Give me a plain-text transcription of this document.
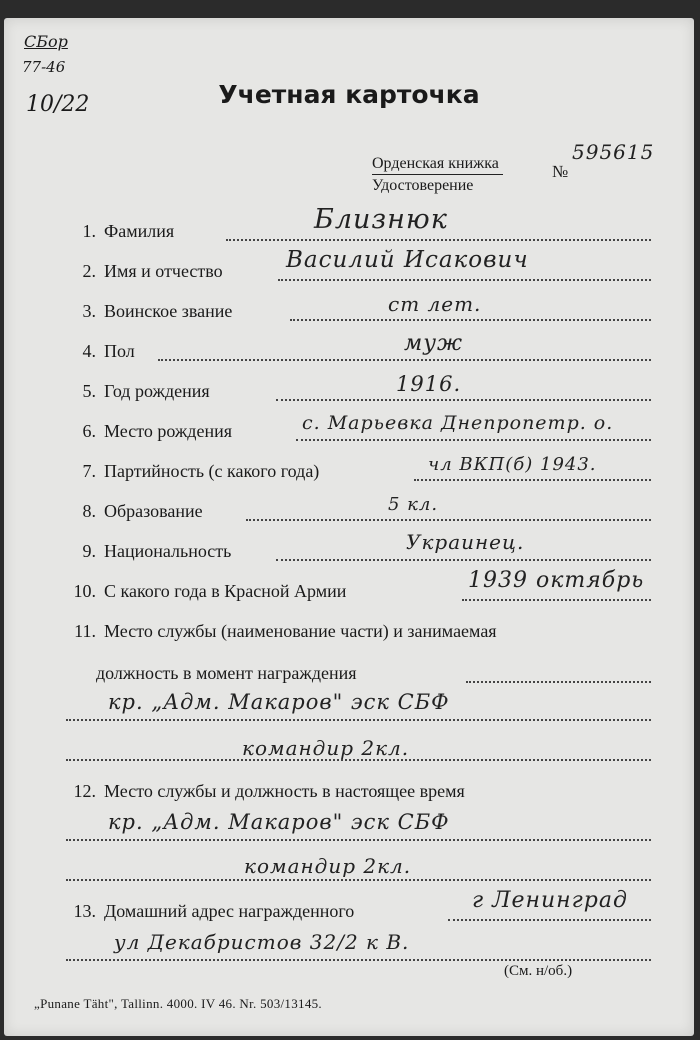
СБор
77-46
10/22	Учетная карточка
Орденская книжка
Удостоверение
№
595615
1. Фамилия	Близнюк
2. Имя и отчество	Василий Исакович
3. Воинское звание	ст лет.
4. Пол	муж
5. Год рождения	1916.
6. Место рождения	с. Марьевка Днепропетр. о.
7. Партийность (с какого года)	чл ВКП(б) 1943.
8. Образование	5 кл.
9. Национальность	Украинец.
10. С какого года в Красной Армии	1939 октябрь
11. Место службы (наименование части) и занимаемая
должность в момент награждения
кр. „Адм. Макаров" эск СБФ
командир 2кл.
12. Место службы и должность в настоящее время
кр. „Адм. Макаров" эск СБФ
командир 2кл.
13. Домашний адрес награжденного	г Ленинград
ул Декабристов 32/2 к В.
(См. н/об.)
„Punane Täht", Tallinn. 4000. IV 46. Nr. 503/13145.
